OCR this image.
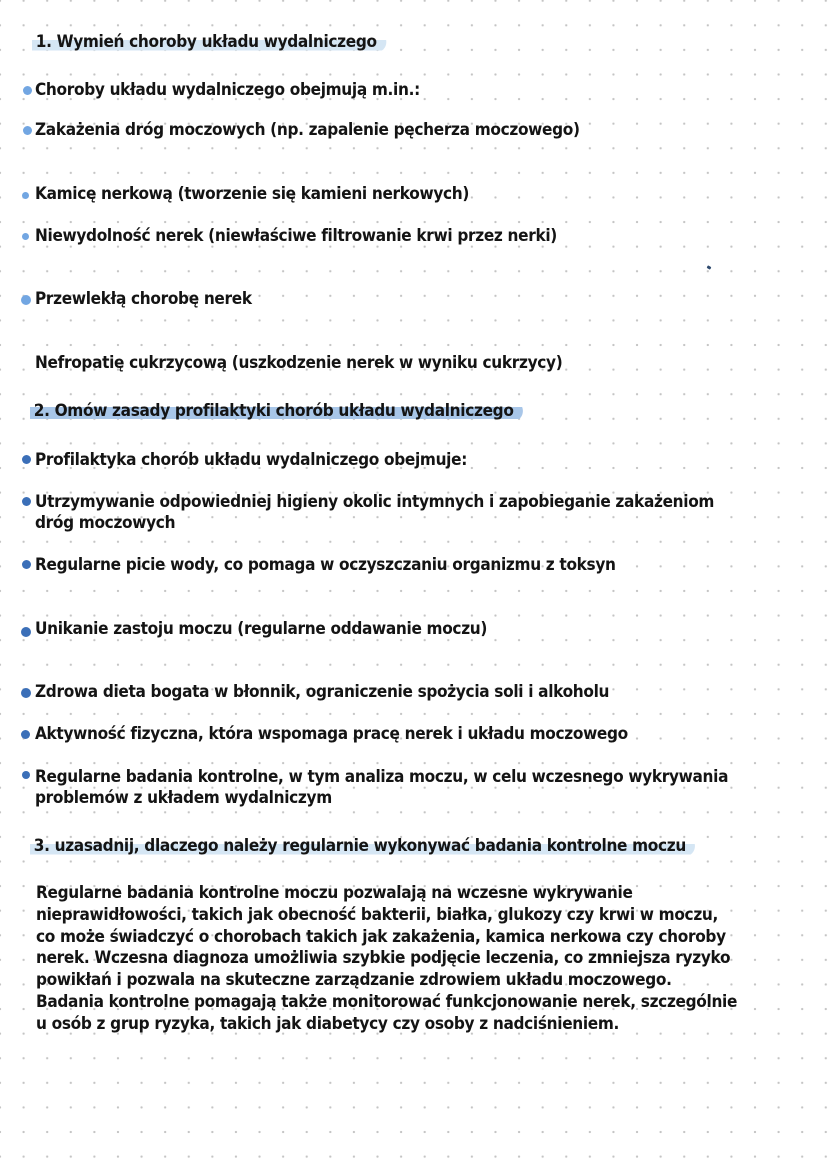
1. Wymień choroby układu wydalniczego
Choroby układu wydalniczego obejmują m.in.:
Zakażenia dróg moczowych (np. zapalenie pęcherza moczowego)
Kamicę nerkową (tworzenie się kamieni nerkowych)
Niewydolność nerek (niewłaściwe filtrowanie krwi przez nerki)
Przewlekłą chorobę nerek
Nefropatię cukrzycową (uszkodzenie nerek w wyniku cukrzycy)
2. Omów zasady profilaktyki chorób układu wydalniczego
Profilaktyka chorób układu wydalniczego obejmuje:
Utrzymywanie odpowiedniej higieny okolic intymnych i zapobieganie zakażeniom
dróg moczowych
Regularne picie wody, co pomaga w oczyszczaniu organizmu z toksyn
Unikanie zastoju moczu (regularne oddawanie moczu)
Zdrowa dieta bogata w błonnik, ograniczenie spożycia soli i alkoholu
Aktywność fizyczna, która wspomaga pracę nerek i układu moczowego
Regularne badania kontrolne, w tym analiza moczu, w celu wczesnego wykrywania
problemów z układem wydalniczym
3. uzasadnij, dlaczego należy regularnie wykonywać badania kontrolne moczu
Regularne badania kontrolne moczu pozwalają na wczesne wykrywanie
nieprawidłowości, takich jak obecność bakterii, białka, glukozy czy krwi w moczu,
co może świadczyć o chorobach takich jak zakażenia, kamica nerkowa czy choroby
nerek. Wczesna diagnoza umożliwia szybkie podjęcie leczenia, co zmniejsza ryzyko
powikłań i pozwala na skuteczne zarządzanie zdrowiem układu moczowego.
Badania kontrolne pomagają także monitorować funkcjonowanie nerek, szczególnie
u osób z grup ryzyka, takich jak diabetycy czy osoby z nadciśnieniem.
